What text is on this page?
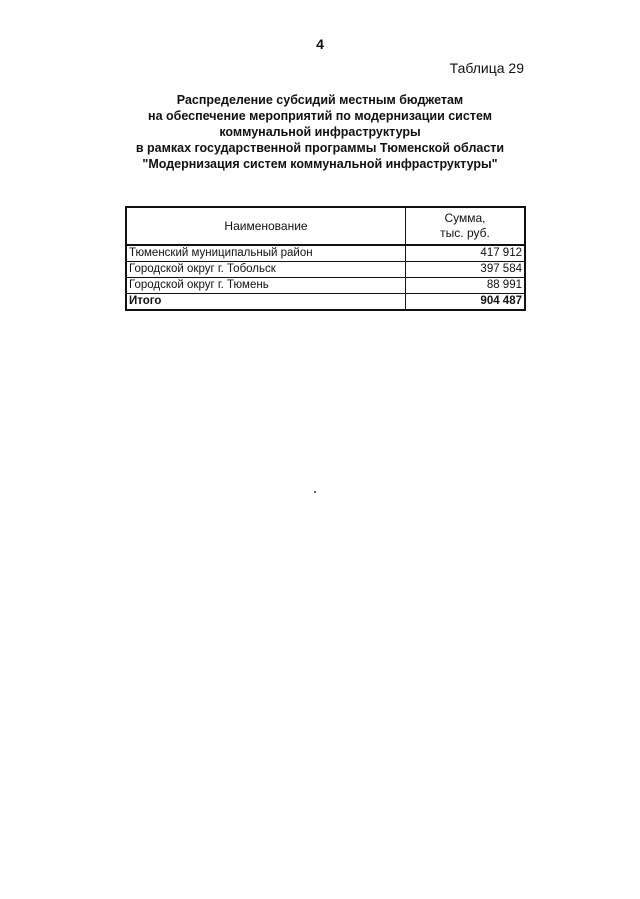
4
Таблица 29
Распределение субсидий местным бюджетам
на обеспечение мероприятий по модернизации систем
коммунальной инфраструктуры
в рамках государственной программы Тюменской области
"Модернизация систем коммунальной инфраструктуры"
Наименование	Сумма,
тыс. руб.

Тюменский муниципальный район	417 912
Городской округ г. Тобольск	397 584
Городской округ г. Тюмень	88 991
Итого	904 487
